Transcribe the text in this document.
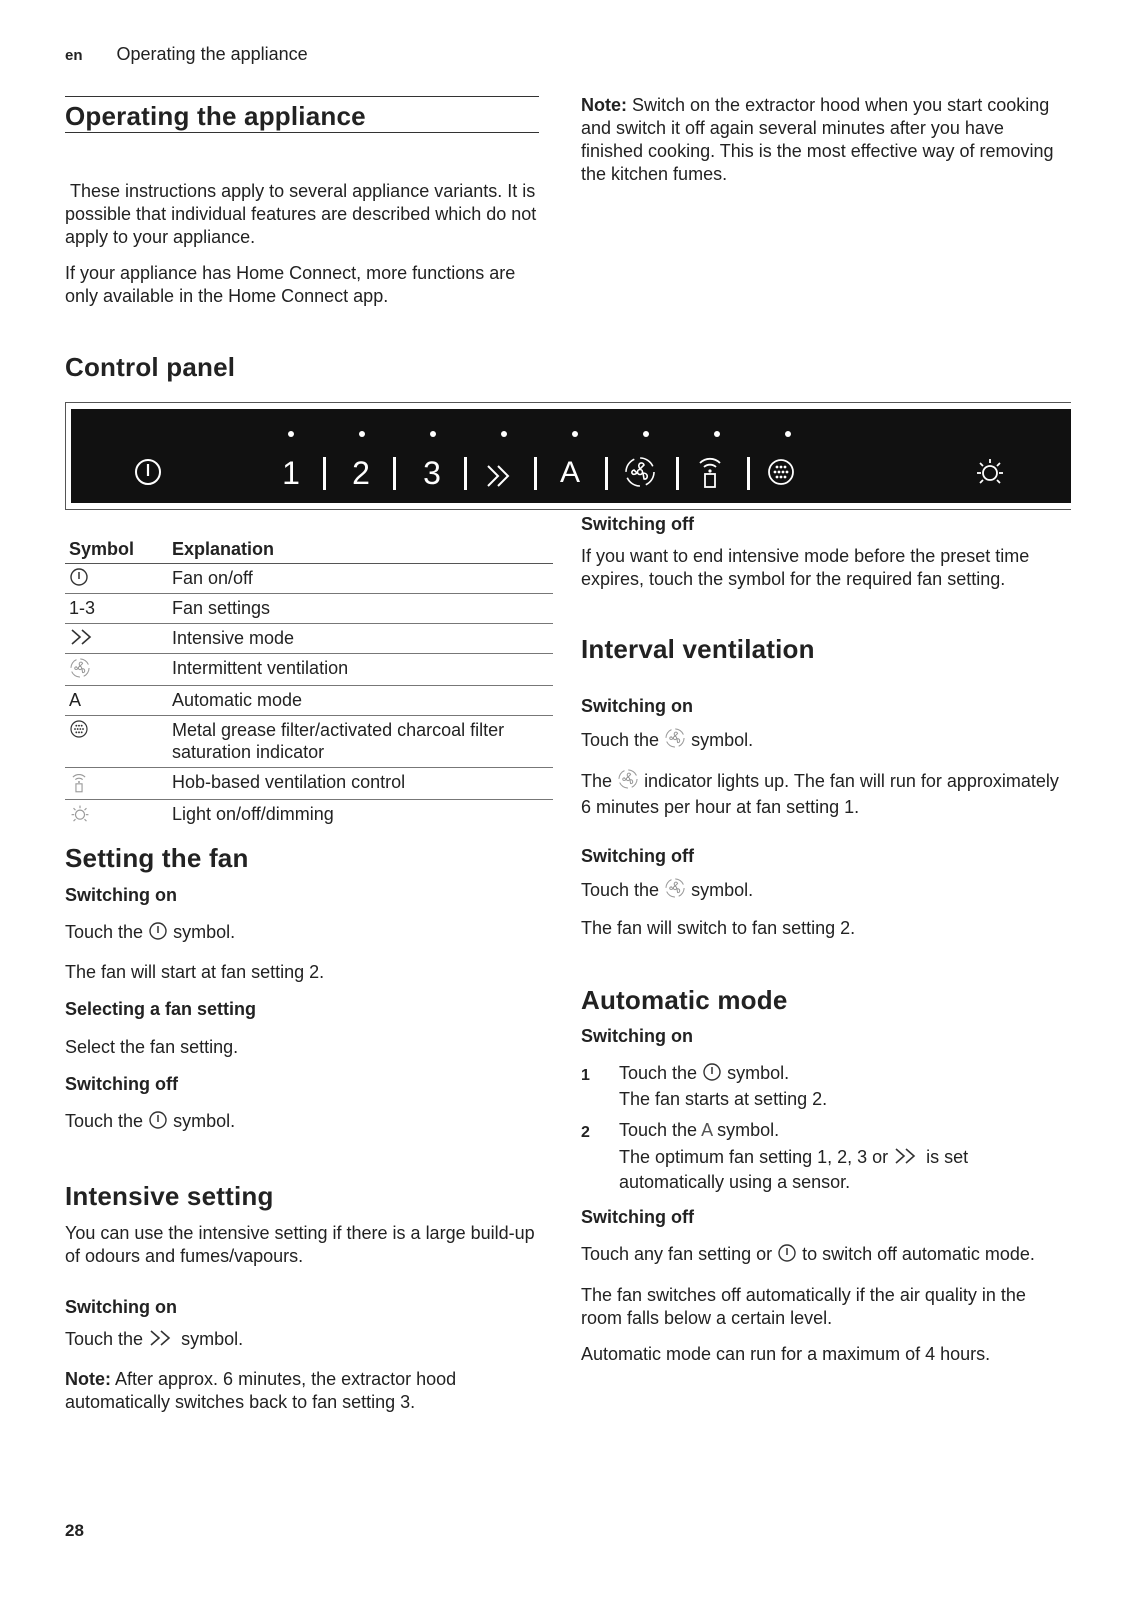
en Operating the appliance
Operating the appliance
These instructions apply to several appliance variants. It is possible that individual features are described which do not apply to your appliance.
If your appliance has Home Connect, more functions are only available in the Home Connect app.
Note: Switch on the extractor hood when you start cooking and switch it off again several minutes after you have finished cooking. This is the most effective way of removing the kitchen fumes.
Control panel
1 2 3	A
Symbol	Explanation

	Fan on/off
1-3	Fan settings

	Intensive mode

	Intermittent ventilation
A	Automatic mode

	Metal grease filter/activated charcoal filter saturation indicator

	Hob-based ventilation control

	Light on/off/dimming
Setting the fan
Switching on
Touch the symbol.
The fan will start at fan setting 2.
Selecting a fan setting
Select the fan setting.
Switching off
Touch the symbol.
Intensive setting
You can use the intensive setting if there is a large build-up of odours and fumes/vapours.
Switching on
Touch the symbol.
Note: After approx. 6 minutes, the extractor hood automatically switches back to fan setting 3.
Switching off
If you want to end intensive mode before the preset time expires, touch the symbol for the required fan setting.
Interval ventilation
Switching on
Touch the symbol.
The indicator lights up. The fan will run for approximately 6 minutes per hour at fan setting 1.
Switching off
Touch the symbol.
The fan will switch to fan setting 2.
Automatic mode
Switching on
1 Touch the symbol.
The fan starts at setting 2.
2 Touch the A symbol.
The optimum fan setting 1, 2, 3 or is set automatically using a sensor.
Switching off
Touch any fan setting or to switch off automatic mode.
The fan switches off automatically if the air quality in the room falls below a certain level.
Automatic mode can run for a maximum of 4 hours.
28
